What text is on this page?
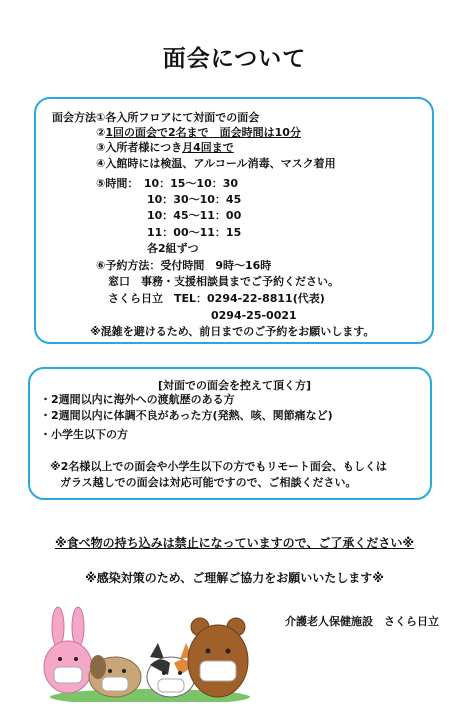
面会について
面会方法①各入所フロアにて対面での面会
②1回の面会で2名まで　面会時間は10分
③入所者様につき月4回まで
④入館時には検温、アルコール消毒、マスク着用
⑤時間：　10：15～10：30
10：30～10：45
10：45～11：00
11：00～11：15
各2組ずつ
⑥予約方法：受付時間　9時～16時
窓口　事務・支援相談員までご予約ください。
さくら日立　TEL：0294-22-8811(代表)
0294-25-0021
※混雑を避けるため、前日までのご予約をお願いします。
[対面での面会を控えて頂く方]
・2週間以内に海外への渡航歴のある方
・2週間以内に体調不良があった方(発熱、咳、関節痛など)
・小学生以下の方
※2名様以上での面会や小学生以下の方でもリモート面会、もしくは
ガラス越しでの面会は対応可能ですので、ご相談ください。
※食べ物の持ち込みは禁止になっていますので、ご了承ください※
※感染対策のため、ご理解ご協力をお願いいたします※
介護老人保健施設　さくら日立
